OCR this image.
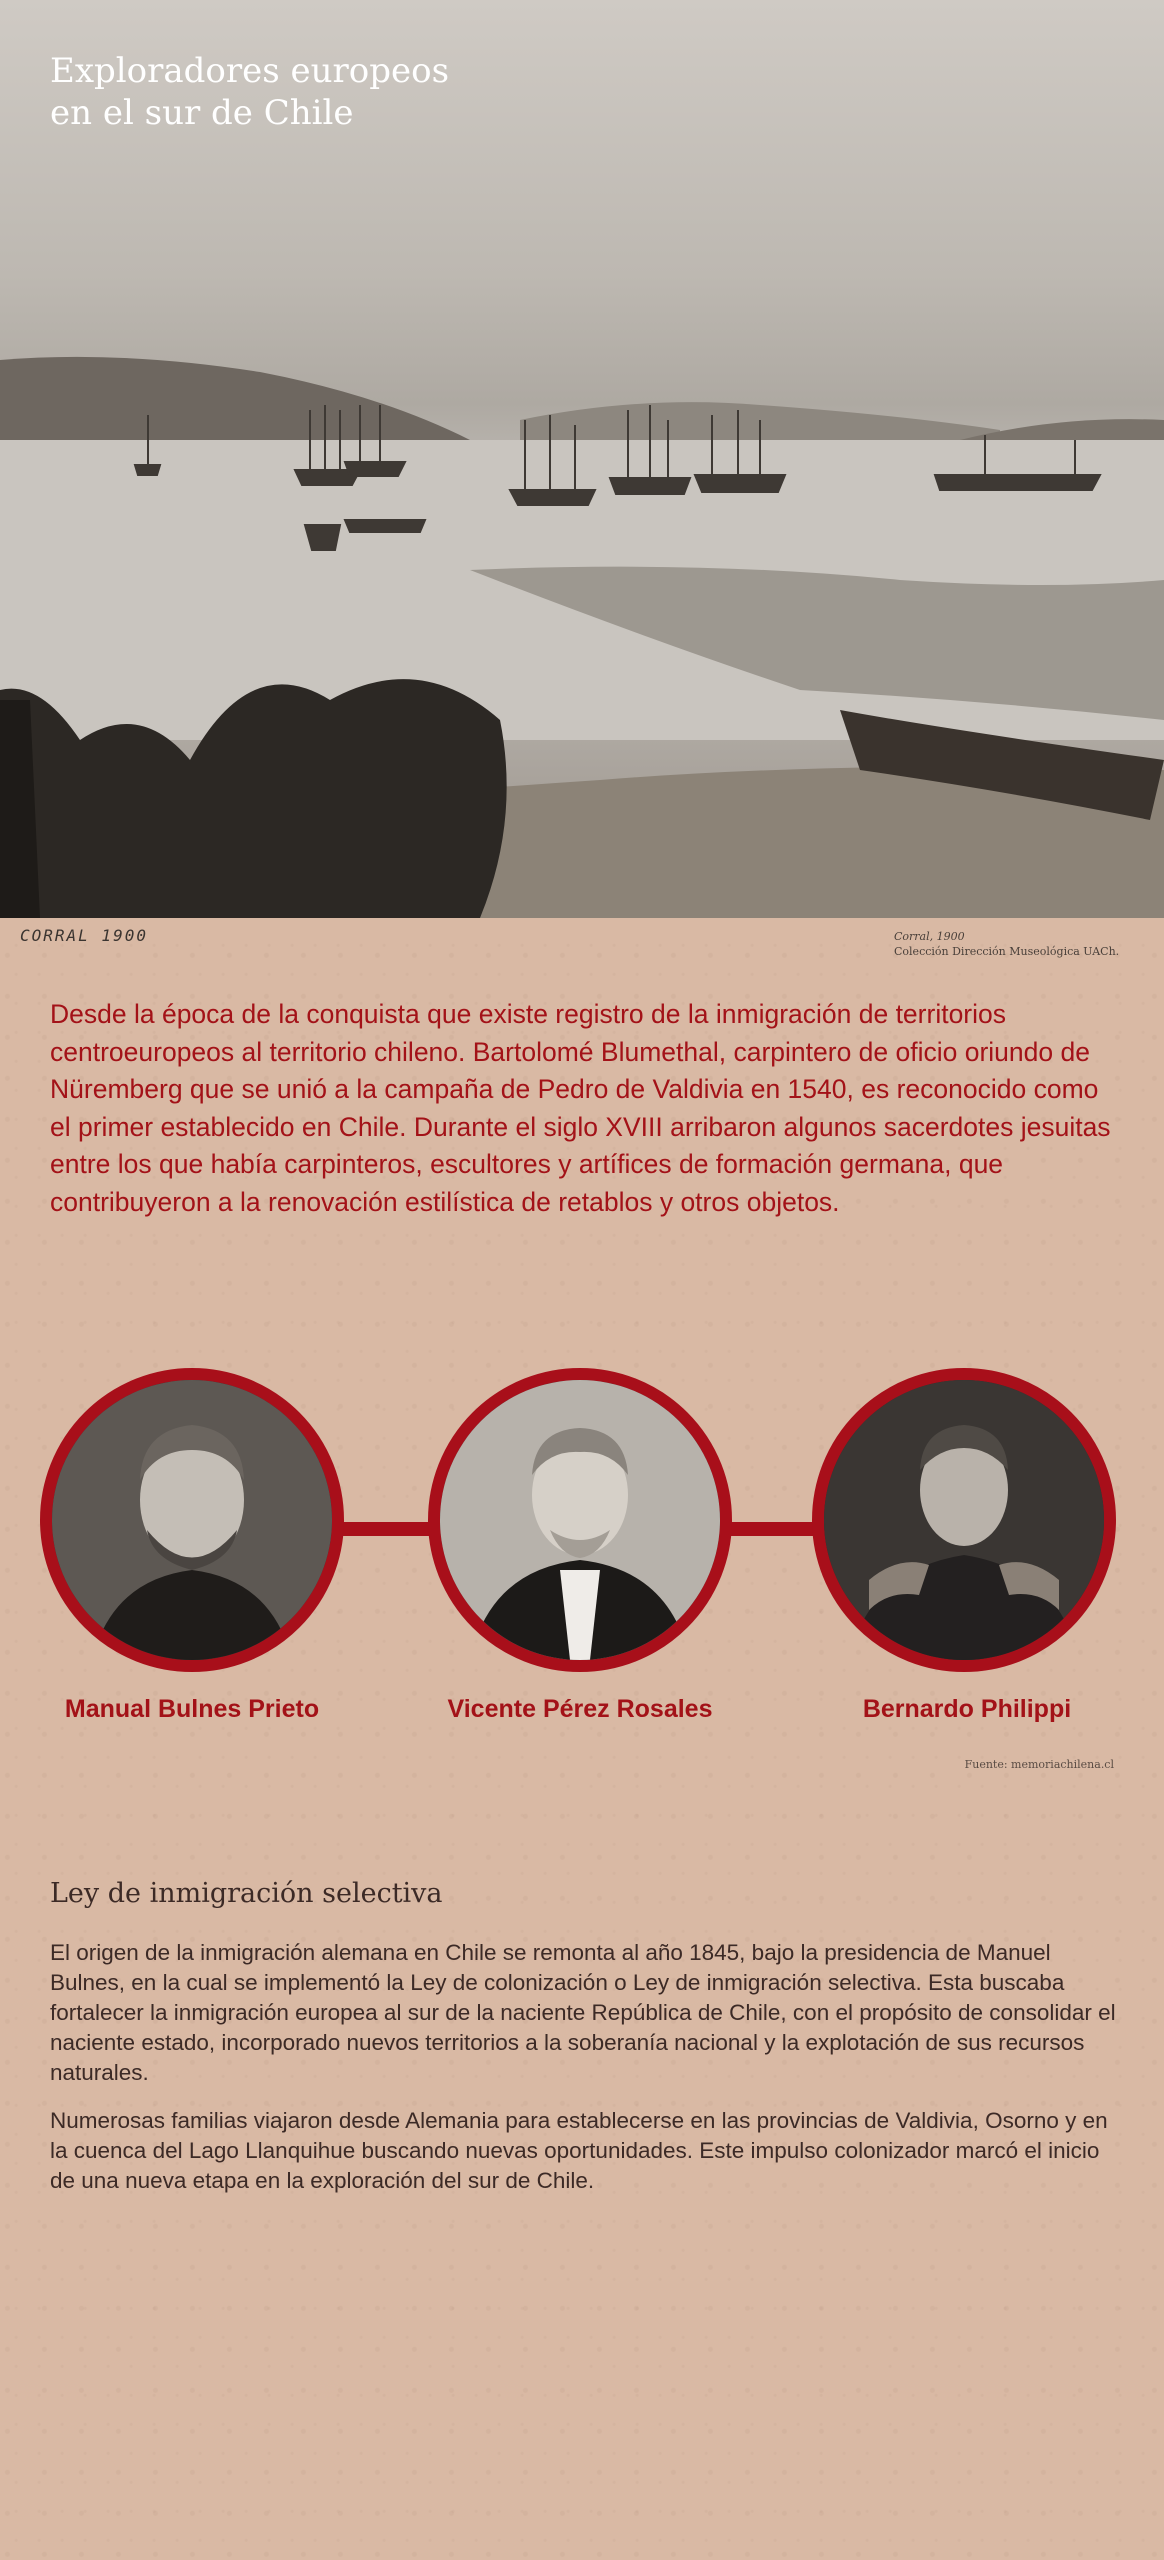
Exploradores europeos
en el sur de Chile
CORRAL 1900	Corral, 1900
Colección Dirección Museológica UACh.

Desde la época de la conquista que existe registro de la inmigración de territorios centroeuropeos al territorio chileno. Bartolomé Blumethal, carpintero de oficio oriundo de Nüremberg que se unió a la campaña de Pedro de Valdivia en 1540, es reconocido como el primer establecido en Chile. Durante el siglo XVIII arribaron algunos sacerdotes jesuitas entre los que había carpinteros, escultores y artífices de formación germana, que contribuyeron a la renovación estilística de retablos y otros objetos.

Manual Bulnes Prieto	Vicente Pérez Rosales	Bernardo Philippi
Fuente: memoriachilena.cl
Ley de inmigración selectiva

El origen de la inmigración alemana en Chile se remonta al año 1845, bajo la presidencia de Manuel Bulnes, en la cual se implementó la Ley de colonización o Ley de inmigración selectiva. Esta buscaba fortalecer la inmigración europea al sur de la naciente República de Chile, con el propósito de consolidar el naciente estado, incorporado nuevos territorios a la soberanía nacional y la explotación de sus recursos naturales.

Numerosas familias viajaron desde Alemania para establecerse en las provincias de Valdivia, Osorno y en la cuenca del Lago Llanquihue buscando nuevas oportunidades. Este impulso colonizador marcó el inicio de una nueva etapa en la exploración del sur de Chile.
